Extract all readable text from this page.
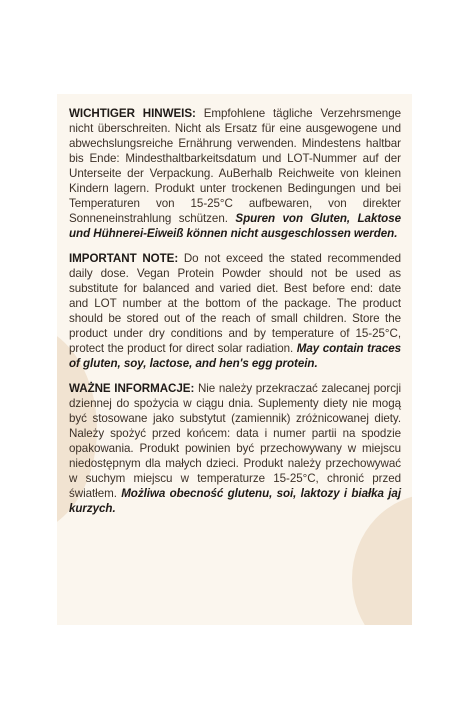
WICHTIGER HINWEIS: Empfohlene tägliche Verzehrsmenge nicht überschreiten. Nicht als Ersatz für eine ausgewogene und abwechslungsreiche Ernährung verwenden. Mindestens haltbar bis Ende: Mindesthaltbarkeitsdatum und LOT-Nummer auf der Unterseite der Verpackung. AuBerhalb Reichweite von kleinen Kindern lagern. Produkt unter trockenen Bedingungen und bei Temperaturen von 15-25°C aufbewaren, von direkter Sonneneinstrahlung schützen. Spuren von Gluten, Laktose und Hühnerei-Eiweiß können nicht ausgeschlossen werden.

IMPORTANT NOTE: Do not exceed the stated recommended daily dose. Vegan Protein Powder should not be used as substitute for balanced and varied diet. Best before end: date and LOT number at the bottom of the package. The product should be stored out of the reach of small children. Store the product under dry conditions and by temperature of 15-25°C, protect the product for direct solar radiation. May contain traces of gluten, soy, lactose, and hen's egg protein.

WAŻNE INFORMACJE: Nie należy przekraczać zalecanej porcji dziennej do spożycia w ciągu dnia. Suplementy diety nie mogą być stosowane jako substytut (zamiennik) zróżnicowanej diety. Należy spożyć przed końcem: data i numer partii na spodzie opakowania. Produkt powinien być przechowywany w miejscu niedostępnym dla małych dzieci. Produkt należy przechowywać w suchym miejscu w temperaturze 15-25°C, chronić przed światłem. Możliwa obecność glutenu, soi, laktozy i białka jaj kurzych.
